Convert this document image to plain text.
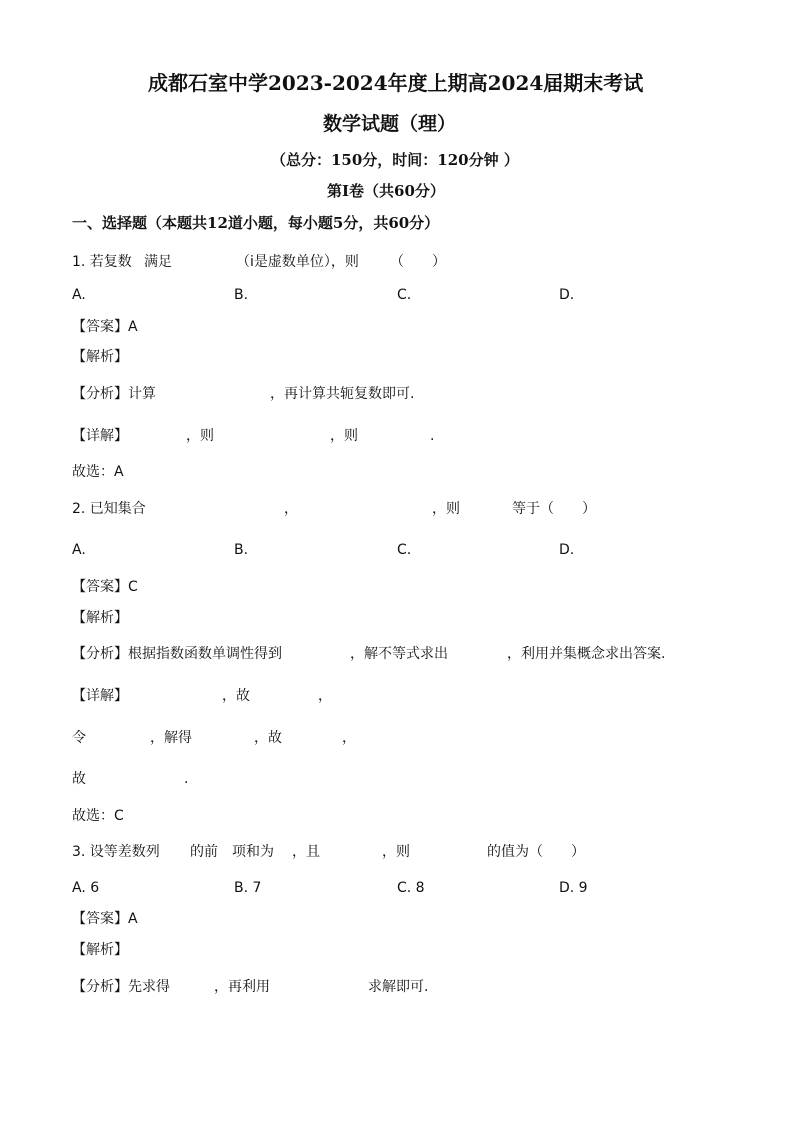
成都石室中学2023-2024年度上期高2024届期末考试
数学试题（理）
（总分：150分，时间：120分钟 ）
第Ⅰ卷（共60分）
一、选择题（本题共12道小题，每小题5分，共60分）
1. 若复数 满足	（i是虚数单位），则 （　　）
A.	B.	C.	D.
【答案】A
【解析】
【分析】计算	，再计算共轭复数即可.
【详解】	，则	，则	.
故选：A
2. 已知集合	，	，则	等于（　　）
A.	B.	C.	D.
【答案】C
【解析】
【分析】根据指数函数单调性得到	，解不等式求出	，利用并集概念求出答案.
【详解】	，故	，
令	，解得	，故	，
故	.
故选：C
3. 设等差数列 的前 项和为 ，且	，则	的值为（　　）
A. 6	B. 7	C. 8	D. 9
【答案】A
【解析】
【分析】先求得	，再利用	求解即可.
